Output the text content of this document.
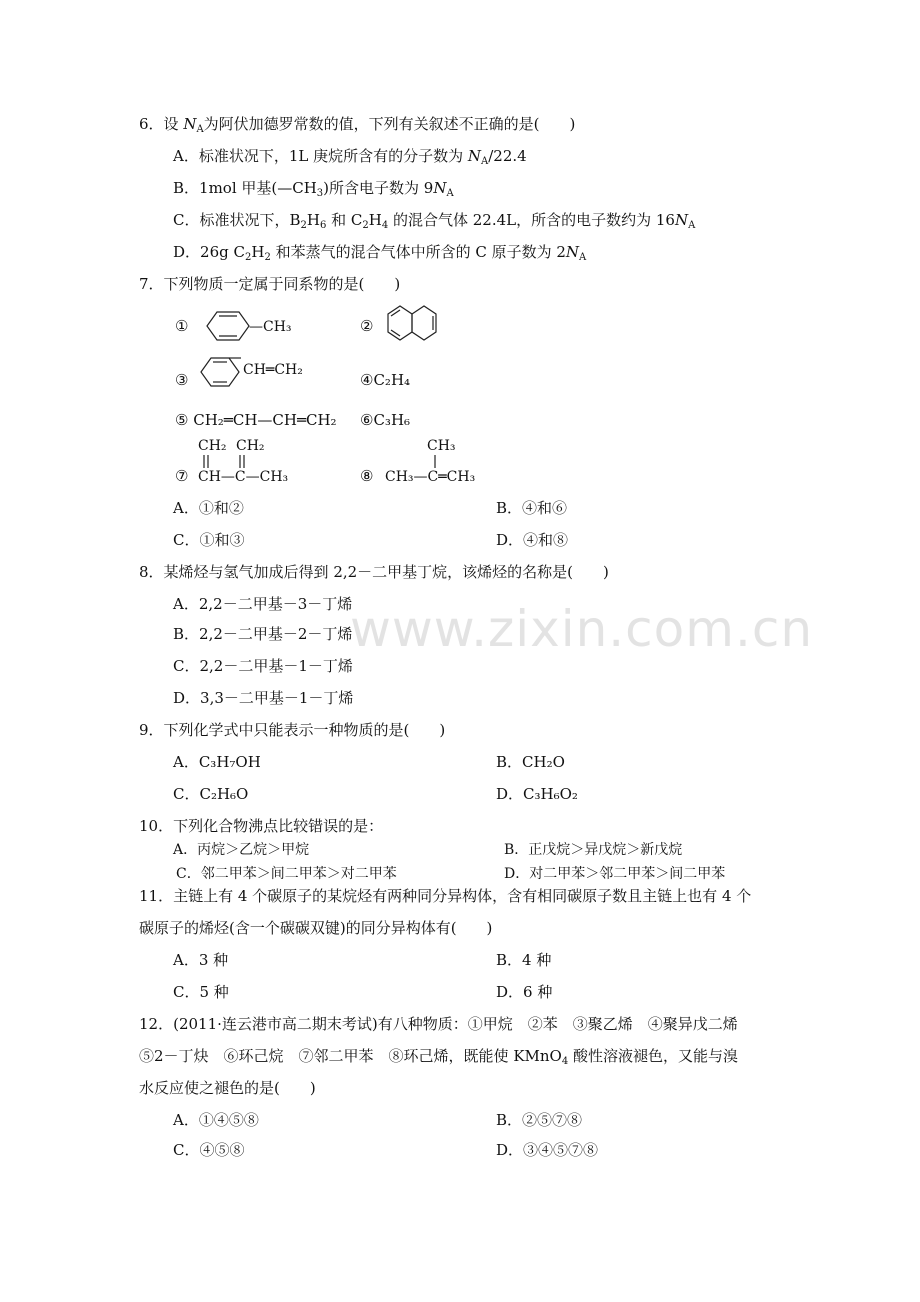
www.zixin.com.cn
6．设 $N_A$为阿伏加德罗常数的值，下列有关叙述不正确的是(　　)
A．标准状况下，1L 庚烷所含有的分子数为 $N_A/22.4$
B．1mol 甲基$(—CH_3)$所含电子数为 $9N_A$
C．标准状况下，$B_2H_6$ 和 $C_2H_4$ 的混合气体 22.4L，所含的电子数约为 $16N_A$
D．26g $C_2H_2$ 和苯蒸气的混合气体中所含的 C 原子数为 $2N_A$
7．下列物质一定属于同系物的是(　　)
①	—CH₃	②
③
CH═CH₂
④C₂H₄
⑤ CH₂═CH—CH═CH₂ ⑥C₃H₆
⑦
CH₂ CH₂
CH—C—CH₃	⑧
CH₃
CH₃—C═CH₃
A．①和②	B．④和⑥
C．①和③	D．④和⑧
8．某烯烃与氢气加成后得到 2,2－二甲基丁烷，该烯烃的名称是(　　)
A．2,2－二甲基－3－丁烯
B．2,2－二甲基－2－丁烯
C．2,2－二甲基－1－丁烯
D．3,3－二甲基－1－丁烯
9．下列化学式中只能表示一种物质的是(　　)
A．C₃H₇OH	B．CH₂O
C．C₂H₆O	D．C₃H₆O₂
10．下列化合物沸点比较错误的是：
A．丙烷＞乙烷＞甲烷	B．正戊烷＞异戊烷＞新戊烷
C．邻二甲苯＞间二甲苯＞对二甲苯	D．对二甲苯＞邻二甲苯＞间二甲苯
11．主链上有 4 个碳原子的某烷烃有两种同分异构体，含有相同碳原子数且主链上也有 4 个
碳原子的烯烃(含一个碳碳双键)的同分异构体有(　　)
A．3 种	B．4 种
C．5 种	D．6 种
12．(2011·连云港市高二期末考试)有八种物质：①甲烷　②苯　③聚乙烯　④聚异戊二烯
⑤2－丁炔　⑥环己烷　⑦邻二甲苯　⑧环己烯，既能使 KMnO$_4$ 酸性溶液褪色，又能与溴
水反应使之褪色的是(　　)
A．①④⑤⑧	B．②⑤⑦⑧
C．④⑤⑧	D．③④⑤⑦⑧
